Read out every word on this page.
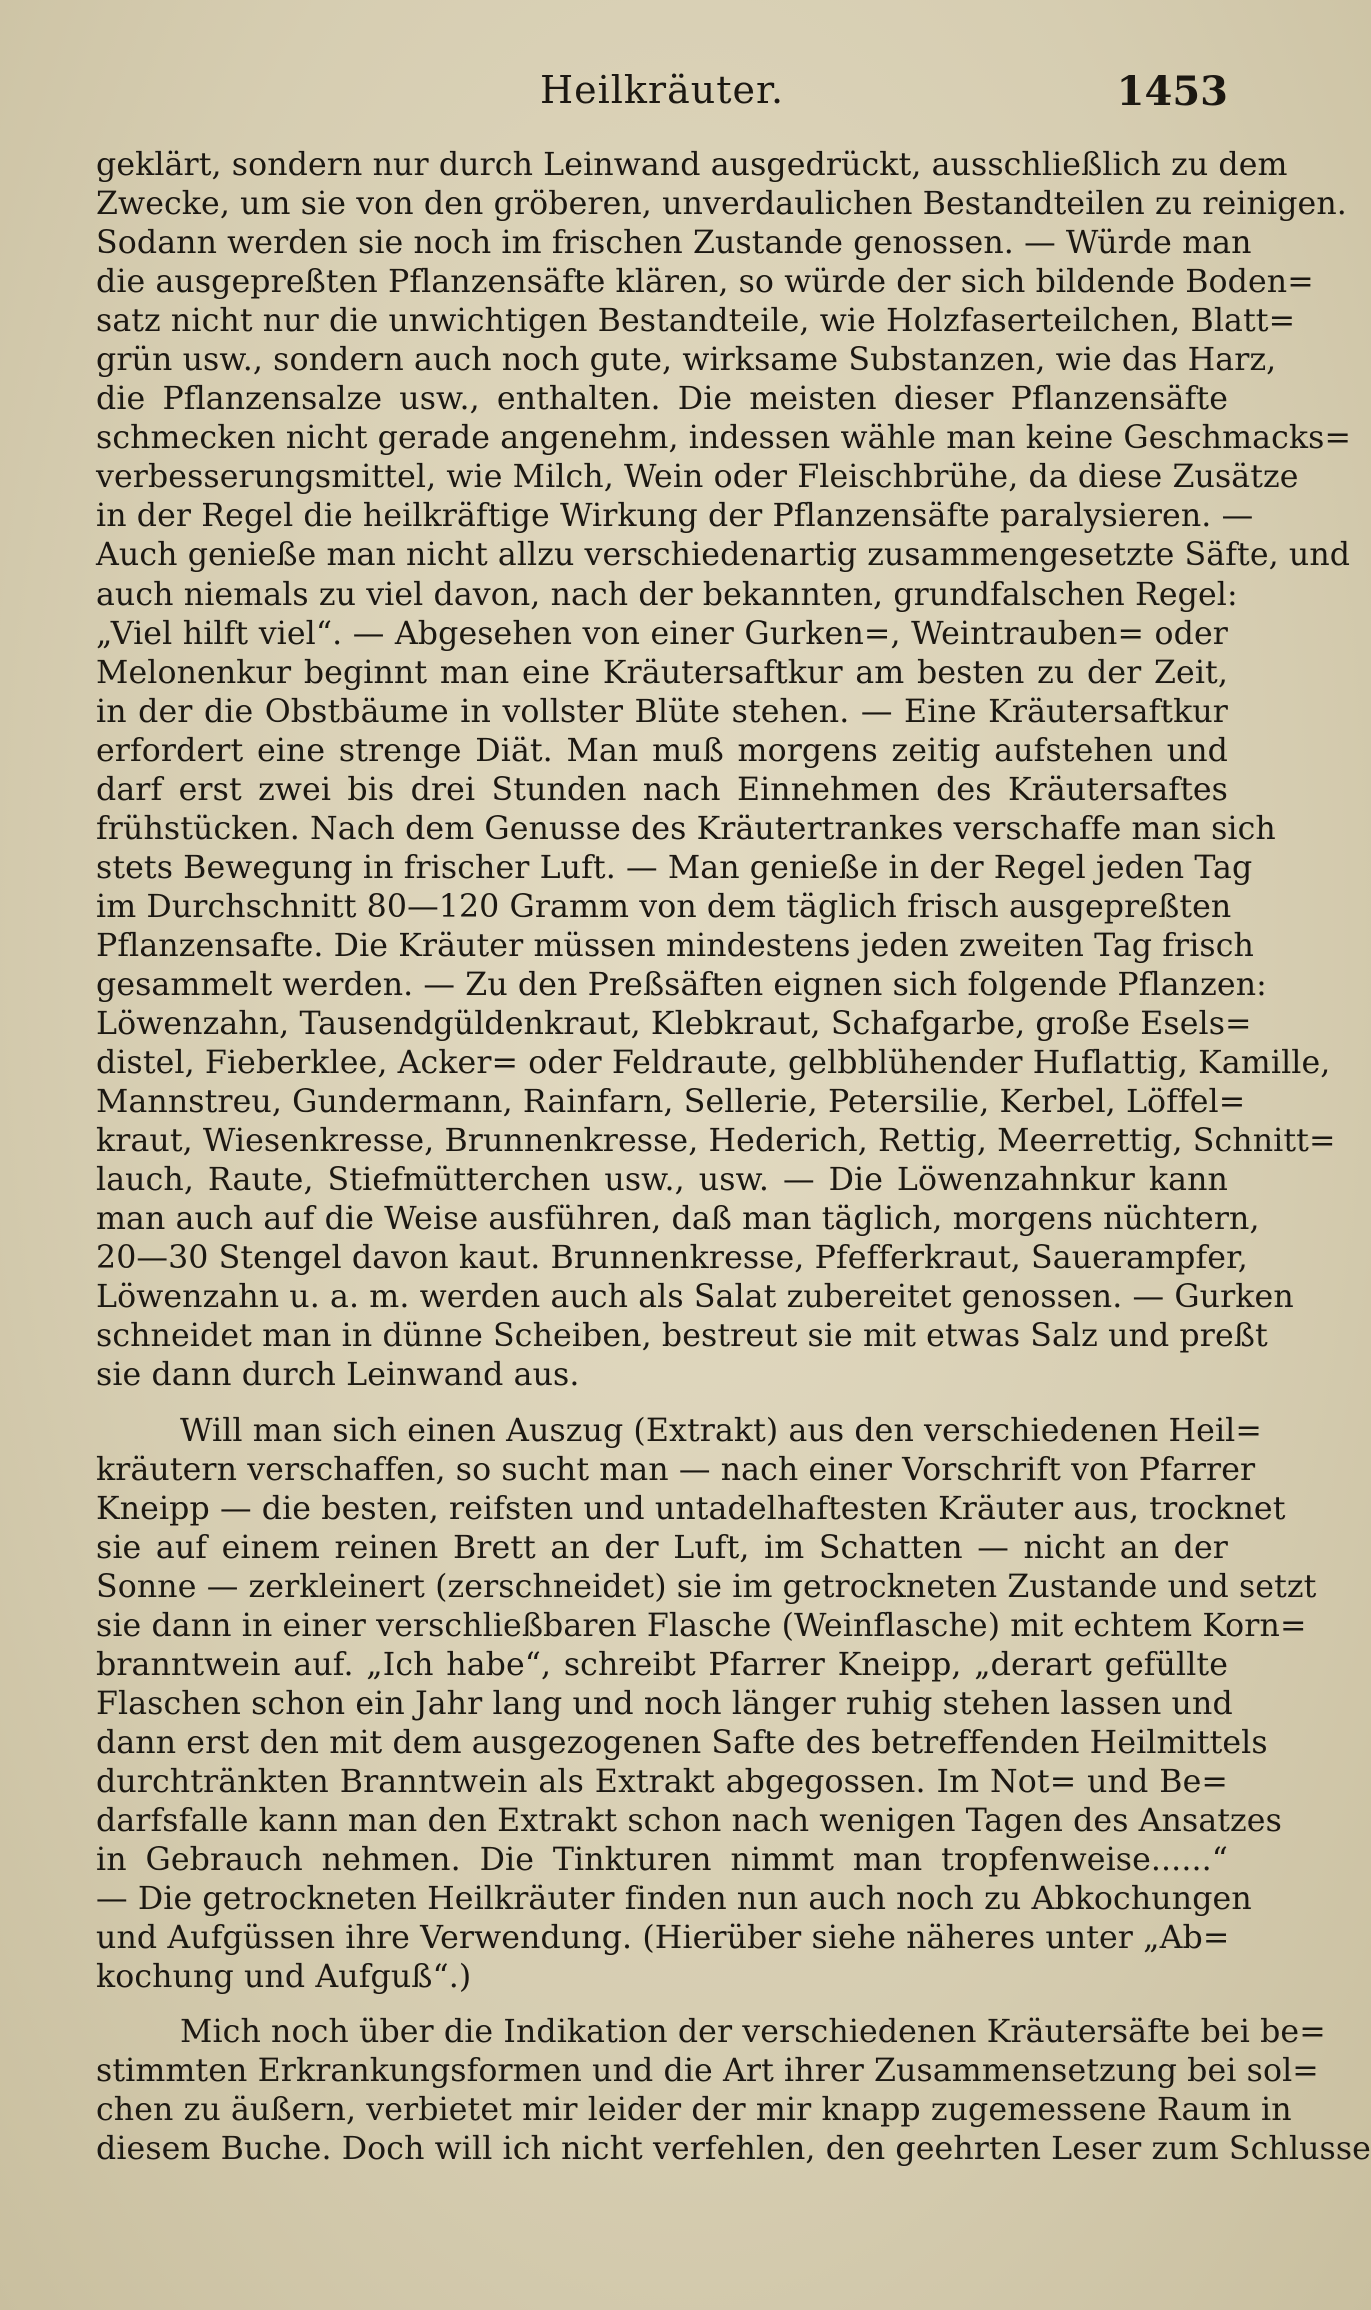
Heilkräuter.	1453
geklärt, sondern nur durch Leinwand ausgedrückt, ausschließlich zu dem
Zwecke, um sie von den gröberen, unverdaulichen Bestandteilen zu reinigen.
Sodann werden sie noch im frischen Zustande genossen. — Würde man
die ausgepreßten Pflanzensäfte klären, so würde der sich bildende Boden=
satz nicht nur die unwichtigen Bestandteile, wie Holzfaserteilchen, Blatt=
grün usw., sondern auch noch gute, wirksame Substanzen, wie das Harz,
die Pflanzensalze usw., enthalten. Die meisten dieser Pflanzensäfte
schmecken nicht gerade angenehm, indessen wähle man keine Geschmacks=
verbesserungsmittel, wie Milch, Wein oder Fleischbrühe, da diese Zusätze
in der Regel die heilkräftige Wirkung der Pflanzensäfte paralysieren. —
Auch genieße man nicht allzu verschiedenartig zusammengesetzte Säfte, und
auch niemals zu viel davon, nach der bekannten, grundfalschen Regel:
„Viel hilft viel“. — Abgesehen von einer Gurken=, Weintrauben= oder
Melonenkur beginnt man eine Kräutersaftkur am besten zu der Zeit,
in der die Obstbäume in vollster Blüte stehen. — Eine Kräutersaftkur
erfordert eine strenge Diät. Man muß morgens zeitig aufstehen und
darf erst zwei bis drei Stunden nach Einnehmen des Kräutersaftes
frühstücken. Nach dem Genusse des Kräutertrankes verschaffe man sich
stets Bewegung in frischer Luft. — Man genieße in der Regel jeden Tag
im Durchschnitt 80—120 Gramm von dem täglich frisch ausgepreßten
Pflanzensafte. Die Kräuter müssen mindestens jeden zweiten Tag frisch
gesammelt werden. — Zu den Preßsäften eignen sich folgende Pflanzen:
Löwenzahn, Tausendgüldenkraut, Klebkraut, Schafgarbe, große Esels=
distel, Fieberklee, Acker= oder Feldraute, gelbblühender Huflattig, Kamille,
Mannstreu, Gundermann, Rainfarn, Sellerie, Petersilie, Kerbel, Löffel=
kraut, Wiesenkresse, Brunnenkresse, Hederich, Rettig, Meerrettig, Schnitt=
lauch, Raute, Stiefmütterchen usw., usw. — Die Löwenzahnkur kann
man auch auf die Weise ausführen, daß man täglich, morgens nüchtern,
20—30 Stengel davon kaut. Brunnenkresse, Pfefferkraut, Sauerampfer,
Löwenzahn u. a. m. werden auch als Salat zubereitet genossen. — Gurken
schneidet man in dünne Scheiben, bestreut sie mit etwas Salz und preßt
sie dann durch Leinwand aus.
Will man sich einen Auszug (Extrakt) aus den verschiedenen Heil=
kräutern verschaffen, so sucht man — nach einer Vorschrift von Pfarrer
Kneipp — die besten, reifsten und untadelhaftesten Kräuter aus, trocknet
sie auf einem reinen Brett an der Luft, im Schatten — nicht an der
Sonne — zerkleinert (zerschneidet) sie im getrockneten Zustande und setzt
sie dann in einer verschließbaren Flasche (Weinflasche) mit echtem Korn=
branntwein auf. „Ich habe“, schreibt Pfarrer Kneipp, „derart gefüllte
Flaschen schon ein Jahr lang und noch länger ruhig stehen lassen und
dann erst den mit dem ausgezogenen Safte des betreffenden Heilmittels
durchtränkten Branntwein als Extrakt abgegossen. Im Not= und Be=
darfsfalle kann man den Extrakt schon nach wenigen Tagen des Ansatzes
in Gebrauch nehmen. Die Tinkturen nimmt man tropfenweise......“
— Die getrockneten Heilkräuter finden nun auch noch zu Abkochungen
und Aufgüssen ihre Verwendung. (Hierüber siehe näheres unter „Ab=
kochung und Aufguß“.)
Mich noch über die Indikation der verschiedenen Kräutersäfte bei be=
stimmten Erkrankungsformen und die Art ihrer Zusammensetzung bei sol=
chen zu äußern, verbietet mir leider der mir knapp zugemessene Raum in
diesem Buche. Doch will ich nicht verfehlen, den geehrten Leser zum Schlusse
